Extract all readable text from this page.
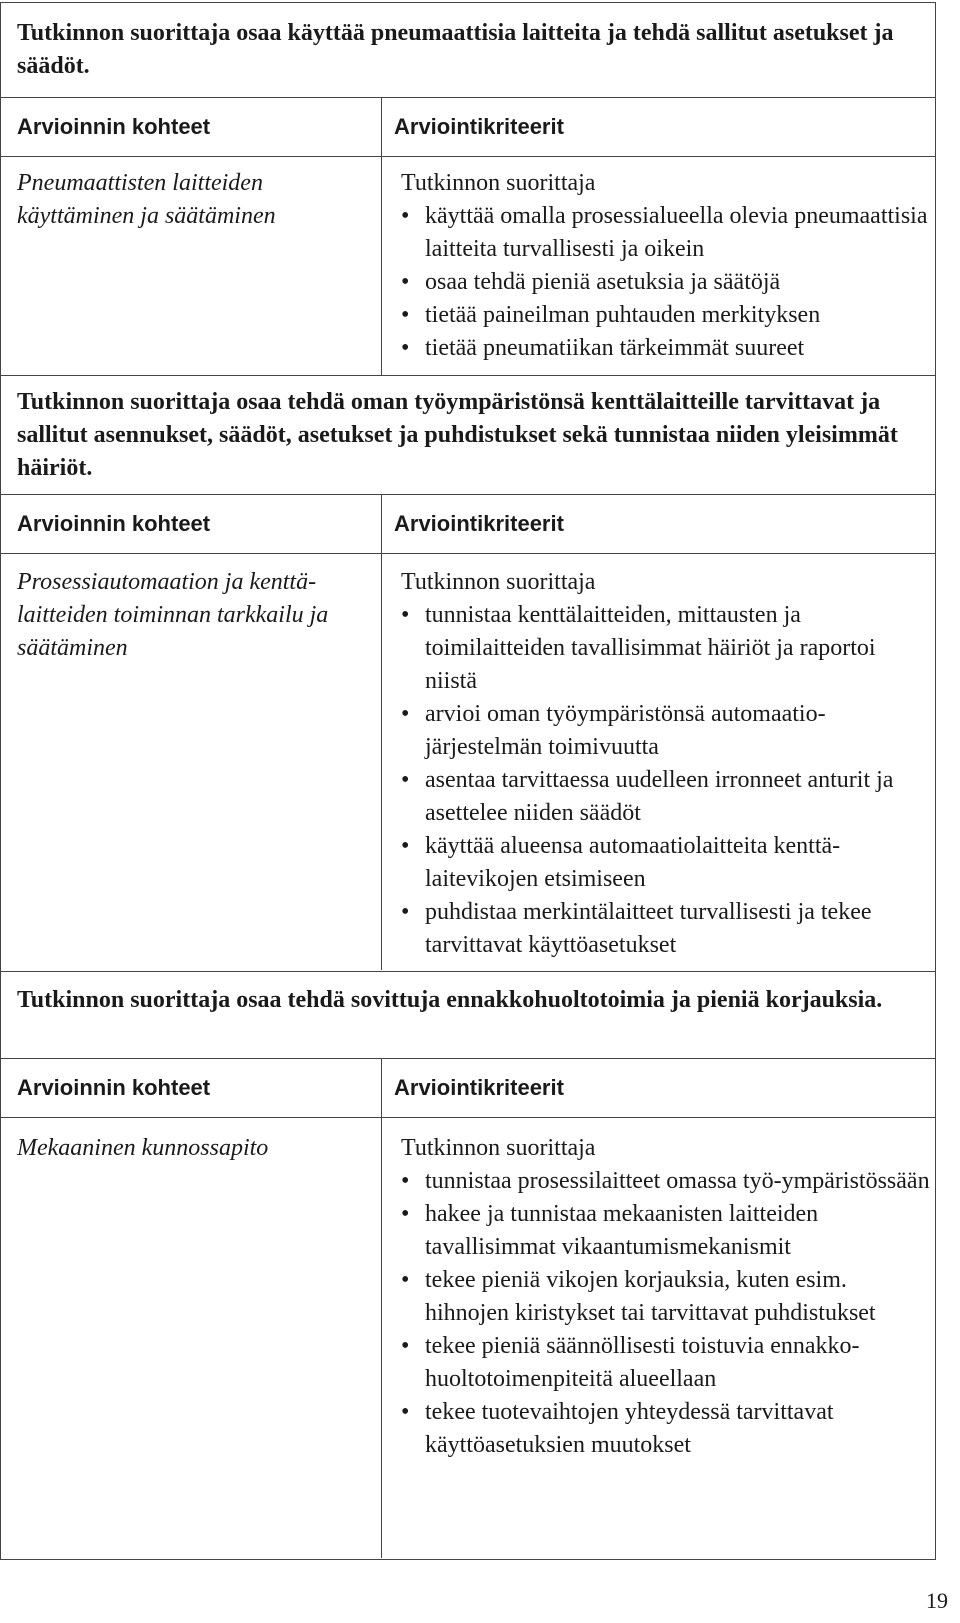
Tutkinnon suorittaja osaa käyttää pneumaattisia laitteita ja tehdä sallitut asetukset ja säädöt.
Arvioinnin kohteet	Arviointikriteerit
Pneumaattisten laitteiden käyttäminen ja säätäminen
Tutkinnon suorittaja
• käyttää omalla prosessialueella olevia pneumaattisia laitteita turvallisesti ja oikein
• osaa tehdä pieniä asetuksia ja säätöjä
• tietää paineilman puhtauden merkityksen
• tietää pneumatiikan tärkeimmät suureet
Tutkinnon suorittaja osaa tehdä oman työympäristönsä kenttälaitteille tarvittavat ja sallitut asennukset, säädöt, asetukset ja puhdistukset sekä tunnistaa niiden yleisimmät häiriöt.
Arvioinnin kohteet	Arviointikriteerit
Prosessiautomaation ja kenttä-laitteiden toiminnan tarkkailu ja säätäminen
Tutkinnon suorittaja
• tunnistaa kenttälaitteiden, mittausten ja toimilaitteiden tavallisimmat häiriöt ja raportoi niistä
• arvioi oman työympäristönsä automaatio-järjestelmän toimivuutta
• asentaa tarvittaessa uudelleen irronneet anturit ja asettelee niiden säädöt
• käyttää alueensa automaatiolaitteita kenttä-laitevikojen etsimiseen
• puhdistaa merkintälaitteet turvallisesti ja tekee tarvittavat käyttöasetukset
Tutkinnon suorittaja osaa tehdä sovittuja ennakkohuoltotoimia ja pieniä korjauksia.
Arvioinnin kohteet	Arviointikriteerit
Mekaaninen kunnossapito	Tutkinnon suorittaja
• tunnistaa prosessilaitteet omassa työ-ympäristössään
• hakee ja tunnistaa mekaanisten laitteiden tavallisimmat vikaantumismekanismit
• tekee pieniä vikojen korjauksia, kuten esim. hihnojen kiristykset tai tarvittavat puhdistukset
• tekee pieniä säännöllisesti toistuvia ennakko-huoltotoimenpiteitä alueellaan
• tekee tuotevaihtojen yhteydessä tarvittavat käyttöasetuksien muutokset
19
